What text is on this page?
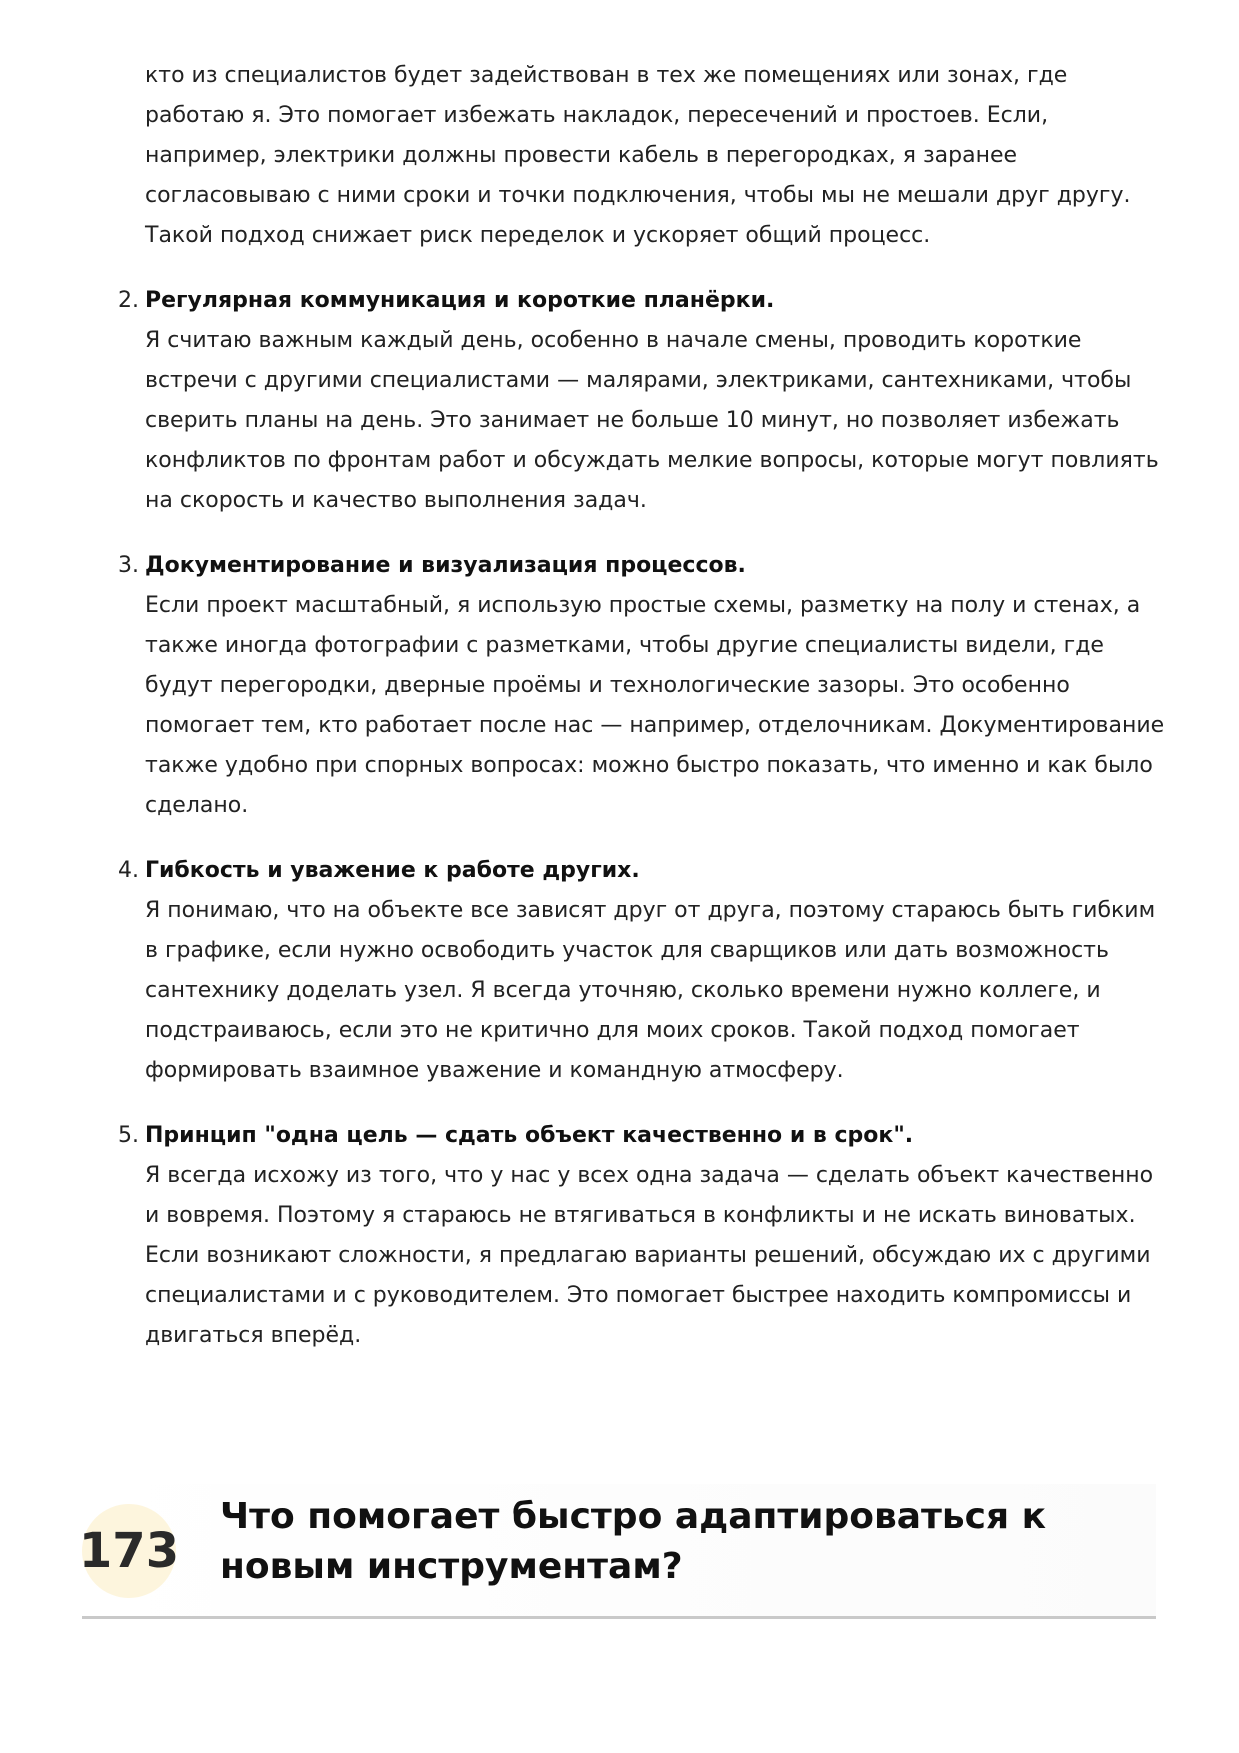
кто из специалистов будет задействован в тех же помещениях или зонах, где работаю я. Это помогает избежать накладок, пересечений и простоев. Если, например, электрики должны провести кабель в перегородках, я заранее согласовываю с ними сроки и точки подключения, чтобы мы не мешали друг другу. Такой подход снижает риск переделок и ускоряет общий процесс.

2. Регулярная коммуникация и короткие планёрки.
Я считаю важным каждый день, особенно в начале смены, проводить короткие встречи с другими специалистами — малярами, электриками, сантехниками, чтобы сверить планы на день. Это занимает не больше 10 минут, но позволяет избежать конфликтов по фронтам работ и обсуждать мелкие вопросы, которые могут повлиять на скорость и качество выполнения задач.
3. Документирование и визуализация процессов.
Если проект масштабный, я использую простые схемы, разметку на полу и стенах, а также иногда фотографии с разметками, чтобы другие специалисты видели, где будут перегородки, дверные проёмы и технологические зазоры. Это особенно помогает тем, кто работает после нас — например, отделочникам. Документирование также удобно при спорных вопросах: можно быстро показать, что именно и как было сделано.
4. Гибкость и уважение к работе других.
Я понимаю, что на объекте все зависят друг от друга, поэтому стараюсь быть гибким в графике, если нужно освободить участок для сварщиков или дать возможность сантехнику доделать узел. Я всегда уточняю, сколько времени нужно коллеге, и подстраиваюсь, если это не критично для моих сроков. Такой подход помогает формировать взаимное уважение и командную атмосферу.
5. Принцип "одна цель — сдать объект качественно и в срок".
Я всегда исхожу из того, что у нас у всех одна задача — сделать объект качественно и вовремя. Поэтому я стараюсь не втягиваться в конфликты и не искать виноватых. Если возникают сложности, я предлагаю варианты решений, обсуждаю их с другими специалистами и с руководителем. Это помогает быстрее находить компромиссы и двигаться вперёд.
173
Что помогает быстро адаптироваться к новым инструментам?
